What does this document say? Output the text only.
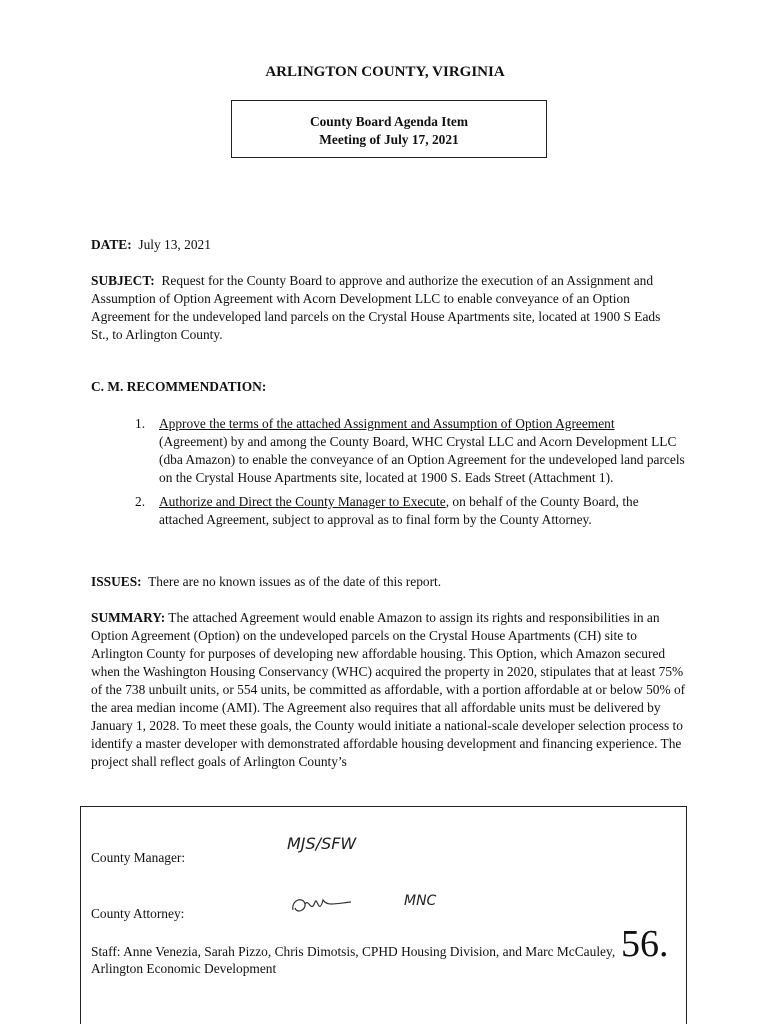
ARLINGTON COUNTY, VIRGINIA
County Board Agenda Item
Meeting of July 17, 2021
DATE: July 13, 2021
SUBJECT: Request for the County Board to approve and authorize the execution of an Assignment and Assumption of Option Agreement with Acorn Development LLC to enable conveyance of an Option Agreement for the undeveloped land parcels on the Crystal House Apartments site, located at 1900 S Eads St., to Arlington County.
C. M. RECOMMENDATION:
1. Approve the terms of the attached Assignment and Assumption of Option Agreement (Agreement) by and among the County Board, WHC Crystal LLC and Acorn Development LLC (dba Amazon) to enable the conveyance of an Option Agreement for the undeveloped land parcels on the Crystal House Apartments site, located at 1900 S. Eads Street (Attachment 1).
2. Authorize and Direct the County Manager to Execute, on behalf of the County Board, the attached Agreement, subject to approval as to final form by the County Attorney.
ISSUES: There are no known issues as of the date of this report.
SUMMARY: The attached Agreement would enable Amazon to assign its rights and responsibilities in an Option Agreement (Option) on the undeveloped parcels on the Crystal House Apartments (CH) site to Arlington County for purposes of developing new affordable housing. This Option, which Amazon secured when the Washington Housing Conservancy (WHC) acquired the property in 2020, stipulates that at least 75% of the 738 unbuilt units, or 554 units, be committed as affordable, with a portion affordable at or below 50% of the area median income (AMI). The Agreement also requires that all affordable units must be delivered by January 1, 2028. To meet these goals, the County would initiate a national-scale developer selection process to identify a master developer with demonstrated affordable housing development and financing experience. The project shall reflect goals of Arlington County’s
County Manager:
MJS/SFW
County Attorney:
MNC
Staff: Anne Venezia, Sarah Pizzo, Chris Dimotsis, CPHD Housing Division, and Marc McCauley,
Arlington Economic Development
56.
